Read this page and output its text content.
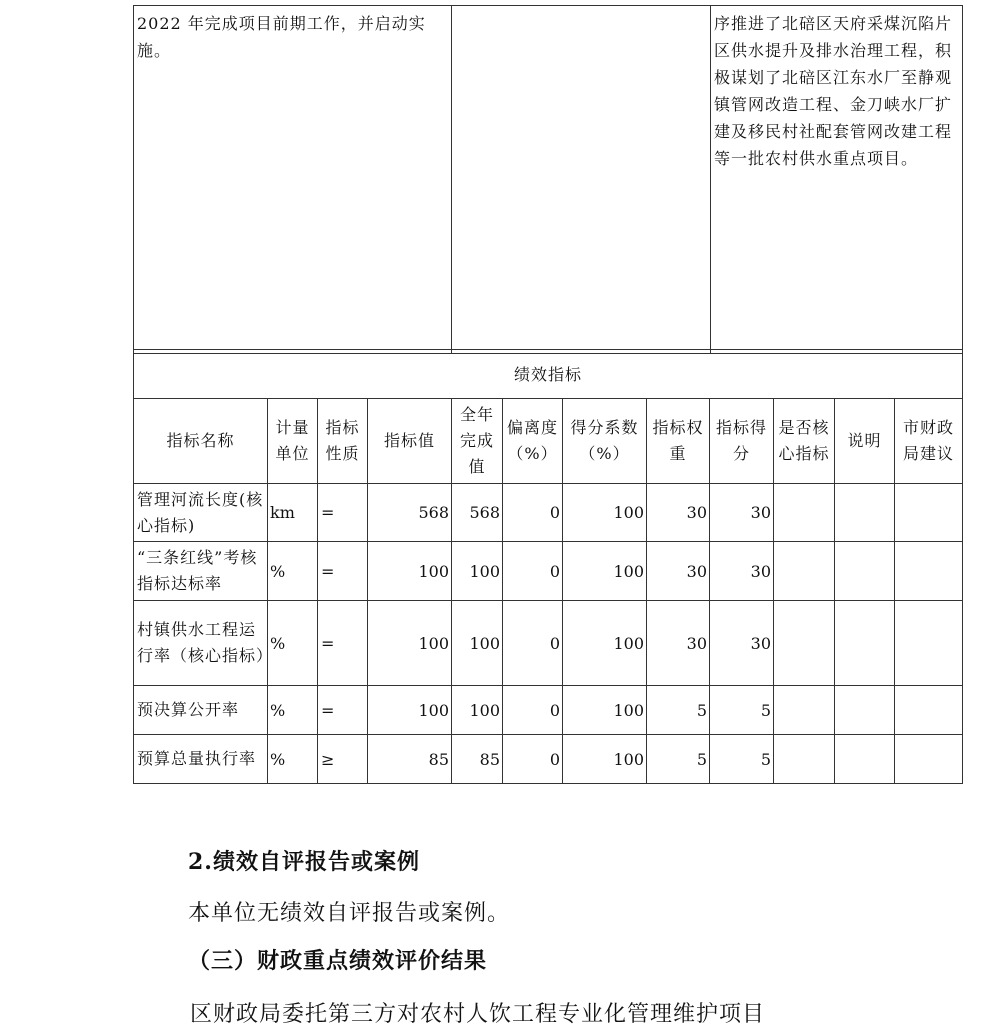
2022 年完成项目前期工作，并启动实施。		序推进了北碚区天府采煤沉陷片区供水提升及排水治理工程，积极谋划了北碚区江东水厂至静观镇管网改造工程、金刀峡水厂扩建及移民村社配套管网改建工程等一批农村供水重点项目。
绩效指标											
指标名称	计量单位	指标性质	指标值	全年完成值	偏离度（%）	得分系数（%）	指标权重	指标得分	是否核心指标	说明	市财政局建议
管理河流长度(核心指标)	km	=	568	568	0	100	30	30			
“三条红线”考核指标达标率	%	=	100	100	0	100	30	30			
村镇供水工程运行率（核心指标）	%	=	100	100	0	100	30	30			
预决算公开率	%	=	100	100	0	100	5	5			
预算总量执行率	%	≥	85	85	0	100	5	5			
2.绩效自评报告或案例
本单位无绩效自评报告或案例。
（三）财政重点绩效评价结果
区财政局委托第三方对农村人饮工程专业化管理维护项目
